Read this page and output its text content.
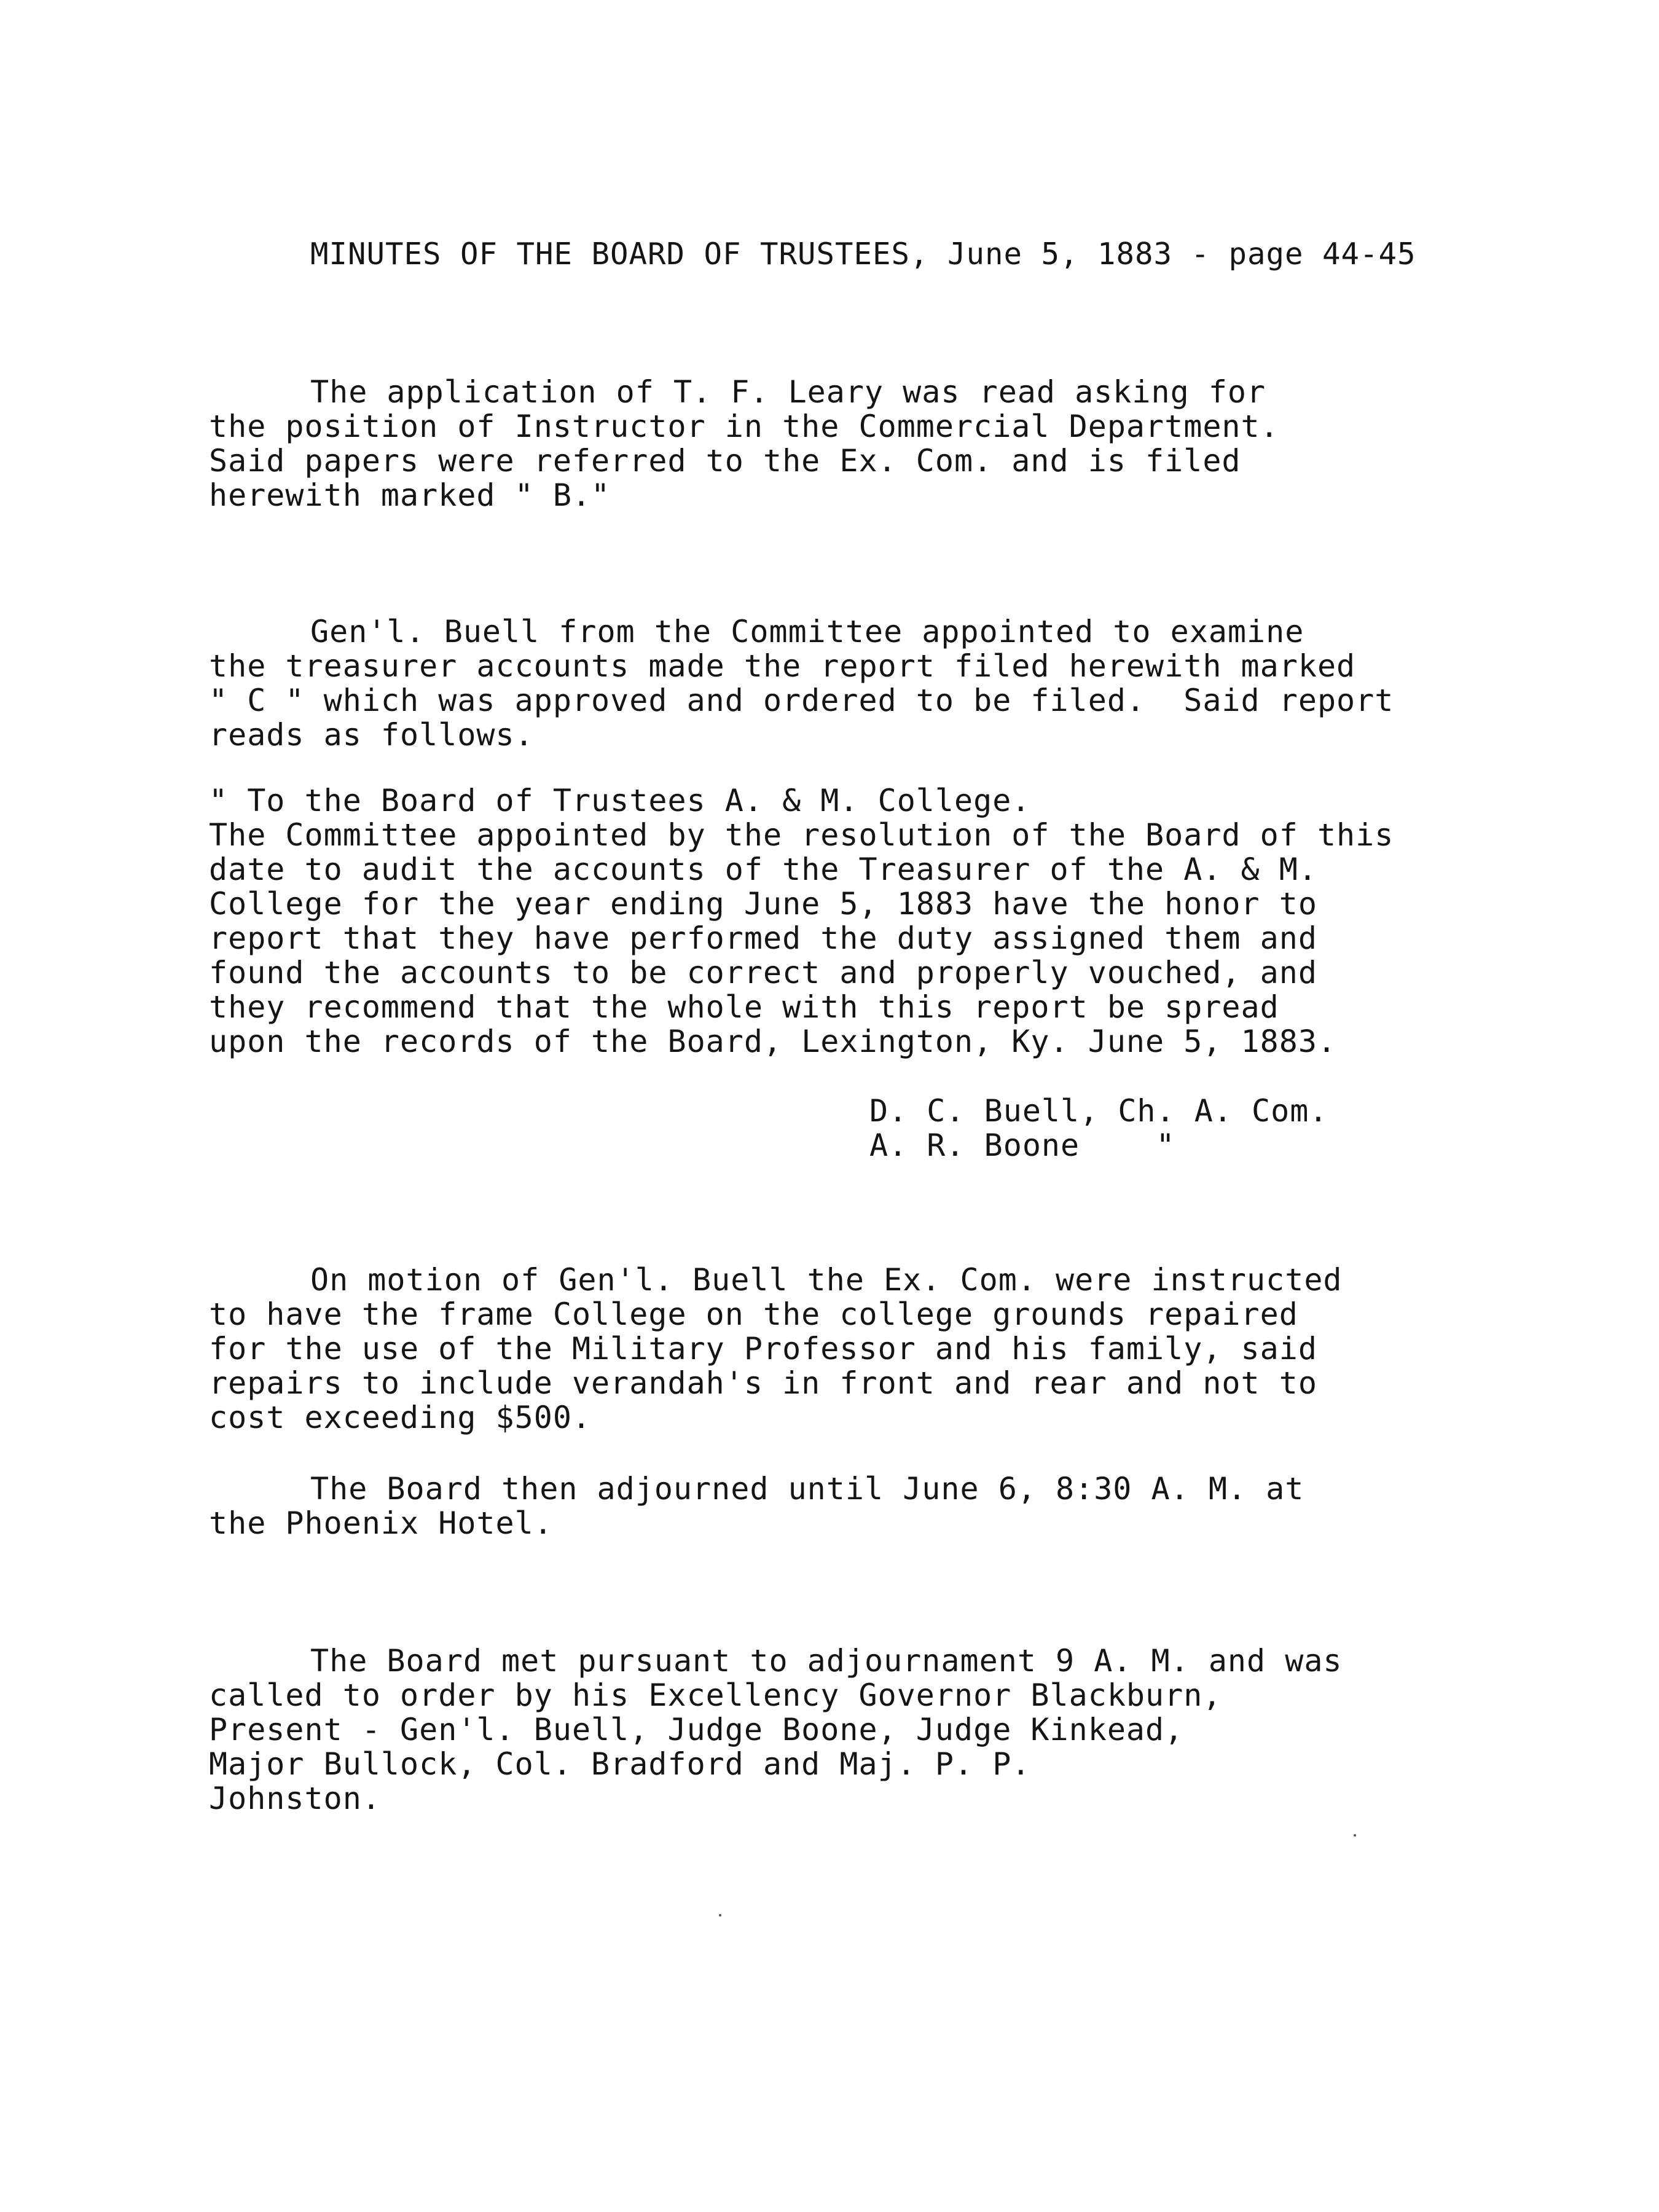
MINUTES OF THE BOARD OF TRUSTEES, June 5, 1883 - page 44-45
The application of T. F. Leary was read asking for
the position of Instructor in the Commercial Department.
Said papers were referred to the Ex. Com. and is filed
herewith marked " B."
Gen'l. Buell from the Committee appointed to examine
the treasurer accounts made the report filed herewith marked
" C " which was approved and ordered to be filed.  Said report
reads as follows.
" To the Board of Trustees A. & M. College.
The Committee appointed by the resolution of the Board of this
date to audit the accounts of the Treasurer of the A. & M.
College for the year ending June 5, 1883 have the honor to
report that they have performed the duty assigned them and
found the accounts to be correct and properly vouched, and
they recommend that the whole with this report be spread
upon the records of the Board, Lexington, Ky. June 5, 1883.
D. C. Buell, Ch. A. Com.
A. R. Boone    "
On motion of Gen'l. Buell the Ex. Com. were instructed
to have the frame College on the college grounds repaired
for the use of the Military Professor and his family, said
repairs to include verandah's in front and rear and not to
cost exceeding $500.
The Board then adjourned until June 6, 8:30 A. M. at
the Phoenix Hotel.
The Board met pursuant to adjournament 9 A. M. and was
called to order by his Excellency Governor Blackburn,
Present - Gen'l. Buell, Judge Boone, Judge Kinkead,
Major Bullock, Col. Bradford and Maj. P. P.
Johnston.
